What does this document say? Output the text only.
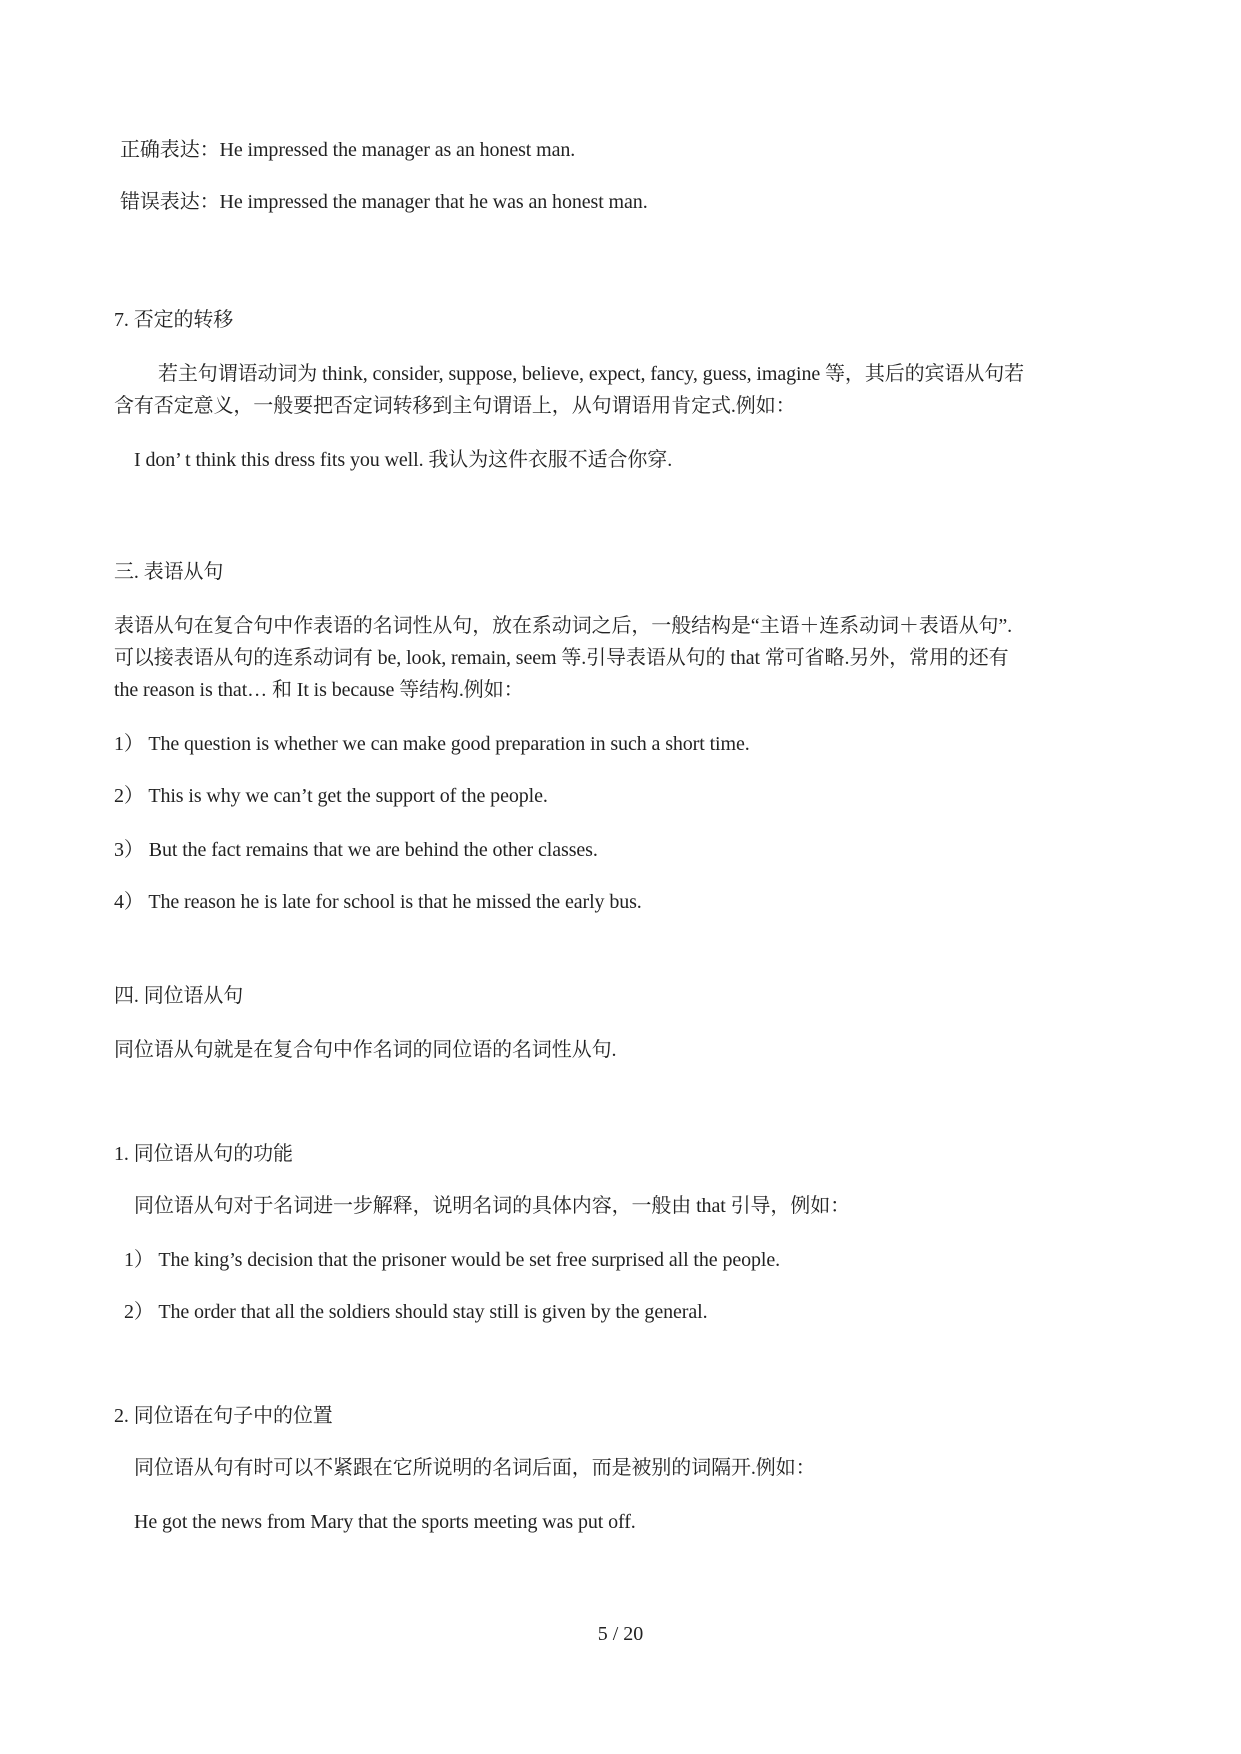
正确表达：He impressed the manager as an honest man.
错误表达：He impressed the manager that he was an honest man.
7. 否定的转移
若主句谓语动词为 think, consider, suppose, believe, expect, fancy, guess, imagine 等，其后的宾语从句若
含有否定意义，一般要把否定词转移到主句谓语上，从句谓语用肯定式.例如：
I don’ t think this dress fits you well. 我认为这件衣服不适合你穿.
三. 表语从句
表语从句在复合句中作表语的名词性从句，放在系动词之后，一般结构是“主语＋连系动词＋表语从句”.
可以接表语从句的连系动词有 be, look, remain, seem 等.引导表语从句的 that 常可省略.另外，常用的还有
the reason is that… 和 It is because 等结构.例如：
1） The question is whether we can make good preparation in such a short time.
2） This is why we can’t get the support of the people.
3） But the fact remains that we are behind the other classes.
4） The reason he is late for school is that he missed the early bus.
四. 同位语从句
同位语从句就是在复合句中作名词的同位语的名词性从句.
1. 同位语从句的功能
同位语从句对于名词进一步解释，说明名词的具体内容，一般由 that 引导，例如：
1） The king’s decision that the prisoner would be set free surprised all the people.
2） The order that all the soldiers should stay still is given by the general.
2. 同位语在句子中的位置
同位语从句有时可以不紧跟在它所说明的名词后面，而是被别的词隔开.例如：
He got the news from Mary that the sports meeting was put off.
5 / 20
